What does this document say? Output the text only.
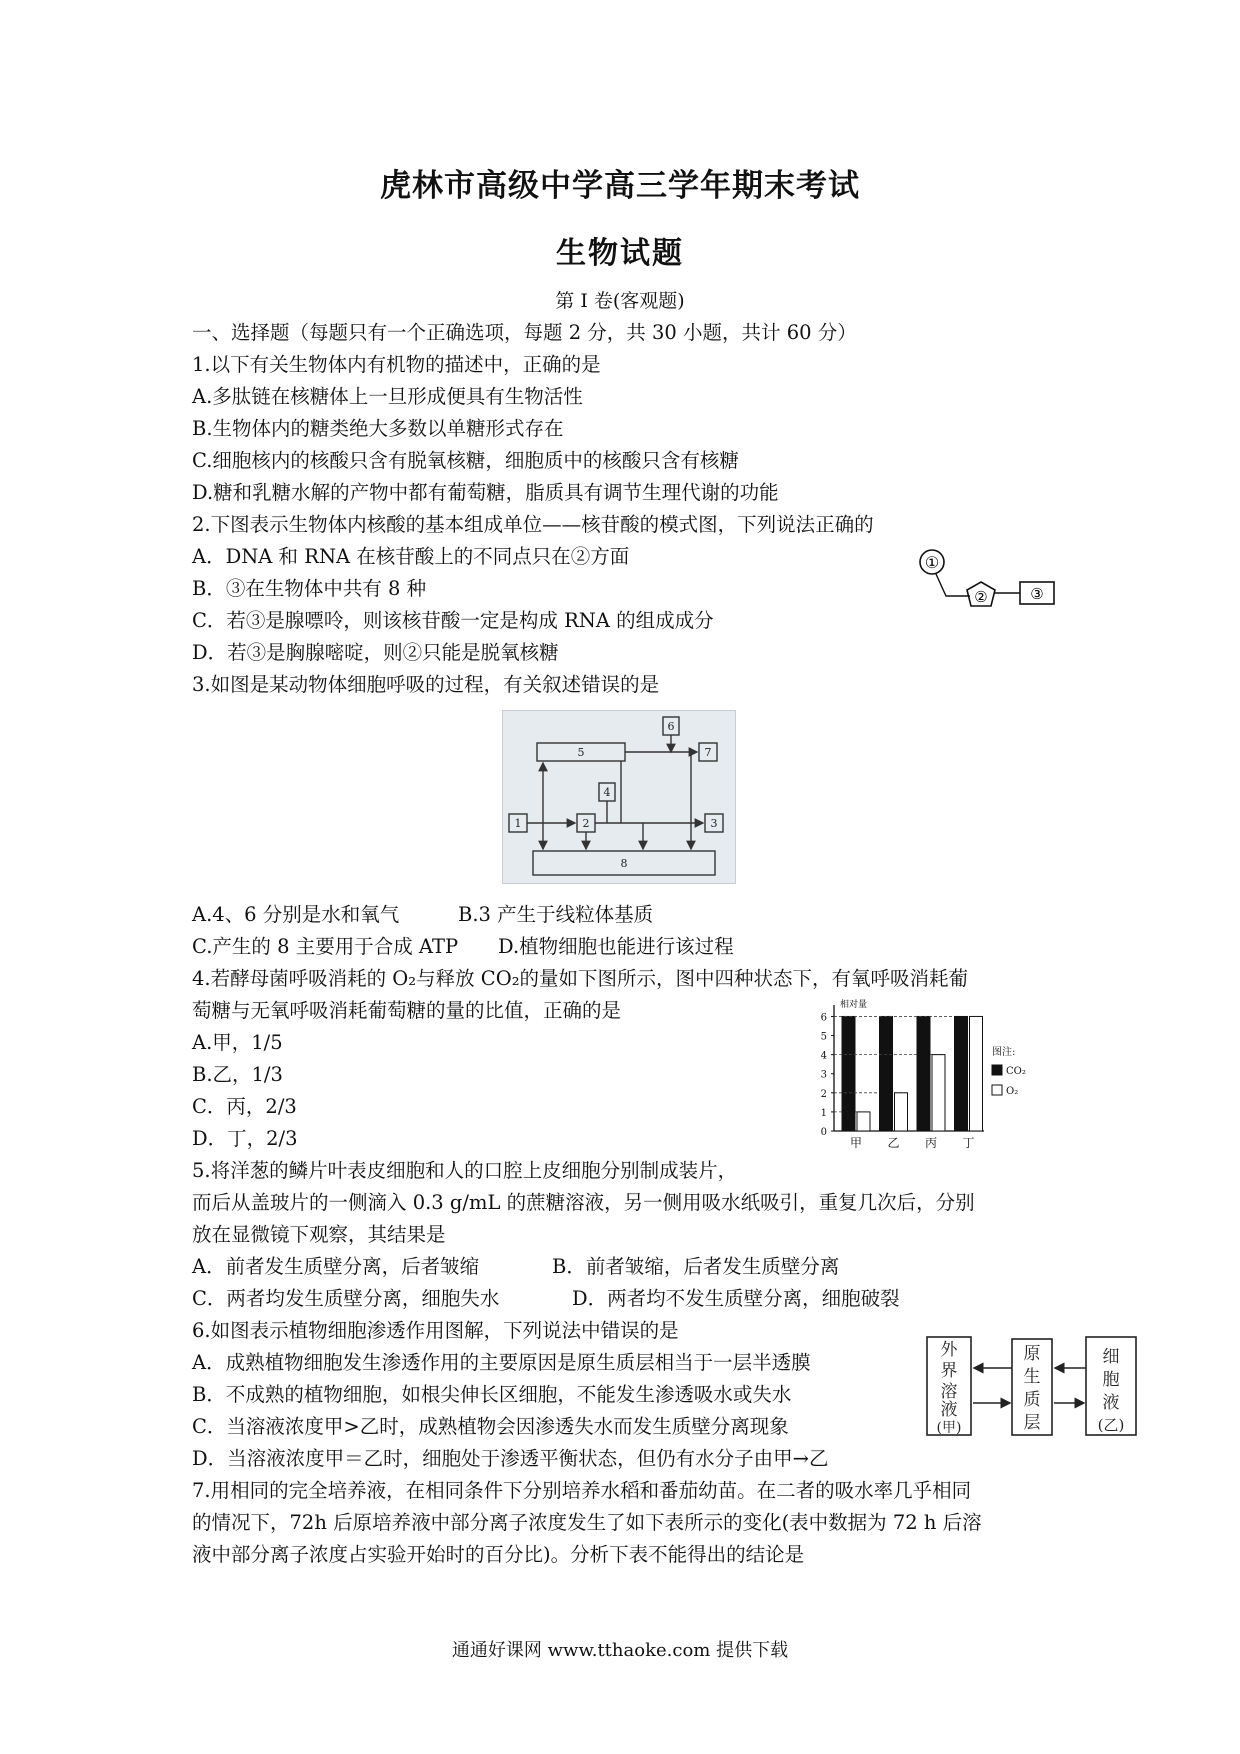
虎林市高级中学高三学年期末考试
生物试题
第 I 卷(客观题)
一、选择题（每题只有一个正确选项，每题 2 分，共 30 小题，共计 60 分）
1.以下有关生物体内有机物的描述中，正确的是
A.多肽链在核糖体上一旦形成便具有生物活性
B.生物体内的糖类绝大多数以单糖形式存在
C.细胞核内的核酸只含有脱氧核糖，细胞质中的核酸只含有核糖
D.糖和乳糖水解的产物中都有葡萄糖，脂质具有调节生理代谢的功能
2.下图表示生物体内核酸的基本组成单位——核苷酸的模式图，下列说法正确的
A．DNA 和 RNA 在核苷酸上的不同点只在②方面
B．③在生物体中共有 8 种
C．若③是腺嘌呤，则该核苷酸一定是构成 RNA 的组成成分
D．若③是胸腺嘧啶，则②只能是脱氧核糖
①
②	③
3.如图是某动物体细胞呼吸的过程，有关叙述错误的是
5
6
7
4
1	2	3
8
A.4、6 分别是水和氧气	B.3 产生于线粒体基质
C.产生的 8 主要用于合成 ATP D.植物细胞也能进行该过程
4.若酵母菌呼吸消耗的 O₂与释放 CO₂的量如下图所示，图中四种状态下，有氧呼吸消耗葡
萄糖与无氧呼吸消耗葡萄糖的量的比值，正确的是
A.甲，1/5
B.乙，1/3
C．丙，2/3
D．丁，2/3
相对量
0
1
2
3
4
5
6
甲 乙 丙 丁
图注:
CO₂
O₂
5.将洋葱的鳞片叶表皮细胞和人的口腔上皮细胞分别制成装片，
而后从盖玻片的一侧滴入 0.3 g/mL 的蔗糖溶液，另一侧用吸水纸吸引，重复几次后，分别
放在显微镜下观察，其结果是
A．前者发生质壁分离，后者皱缩	B．前者皱缩，后者发生质壁分离
C．两者均发生质壁分离，细胞失水	D．两者均不发生质壁分离，细胞破裂
6.如图表示植物细胞渗透作用图解，下列说法中错误的是
A．成熟植物细胞发生渗透作用的主要原因是原生质层相当于一层半透膜
B．不成熟的植物细胞，如根尖伸长区细胞，不能发生渗透吸水或失水
C．当溶液浓度甲>乙时，成熟植物会因渗透失水而发生质壁分离现象
D．当溶液浓度甲＝乙时，细胞处于渗透平衡状态，但仍有水分子由甲→乙
外
界
溶
液
(甲)
原
生
质
层
细
胞
液
(乙)
7.用相同的完全培养液，在相同条件下分别培养水稻和番茄幼苗。在二者的吸水率几乎相同
的情况下，72h 后原培养液中部分离子浓度发生了如下表所示的变化(表中数据为 72 h 后溶
液中部分离子浓度占实验开始时的百分比)。分析下表不能得出的结论是
通通好课网 www.tthaoke.com 提供下载
